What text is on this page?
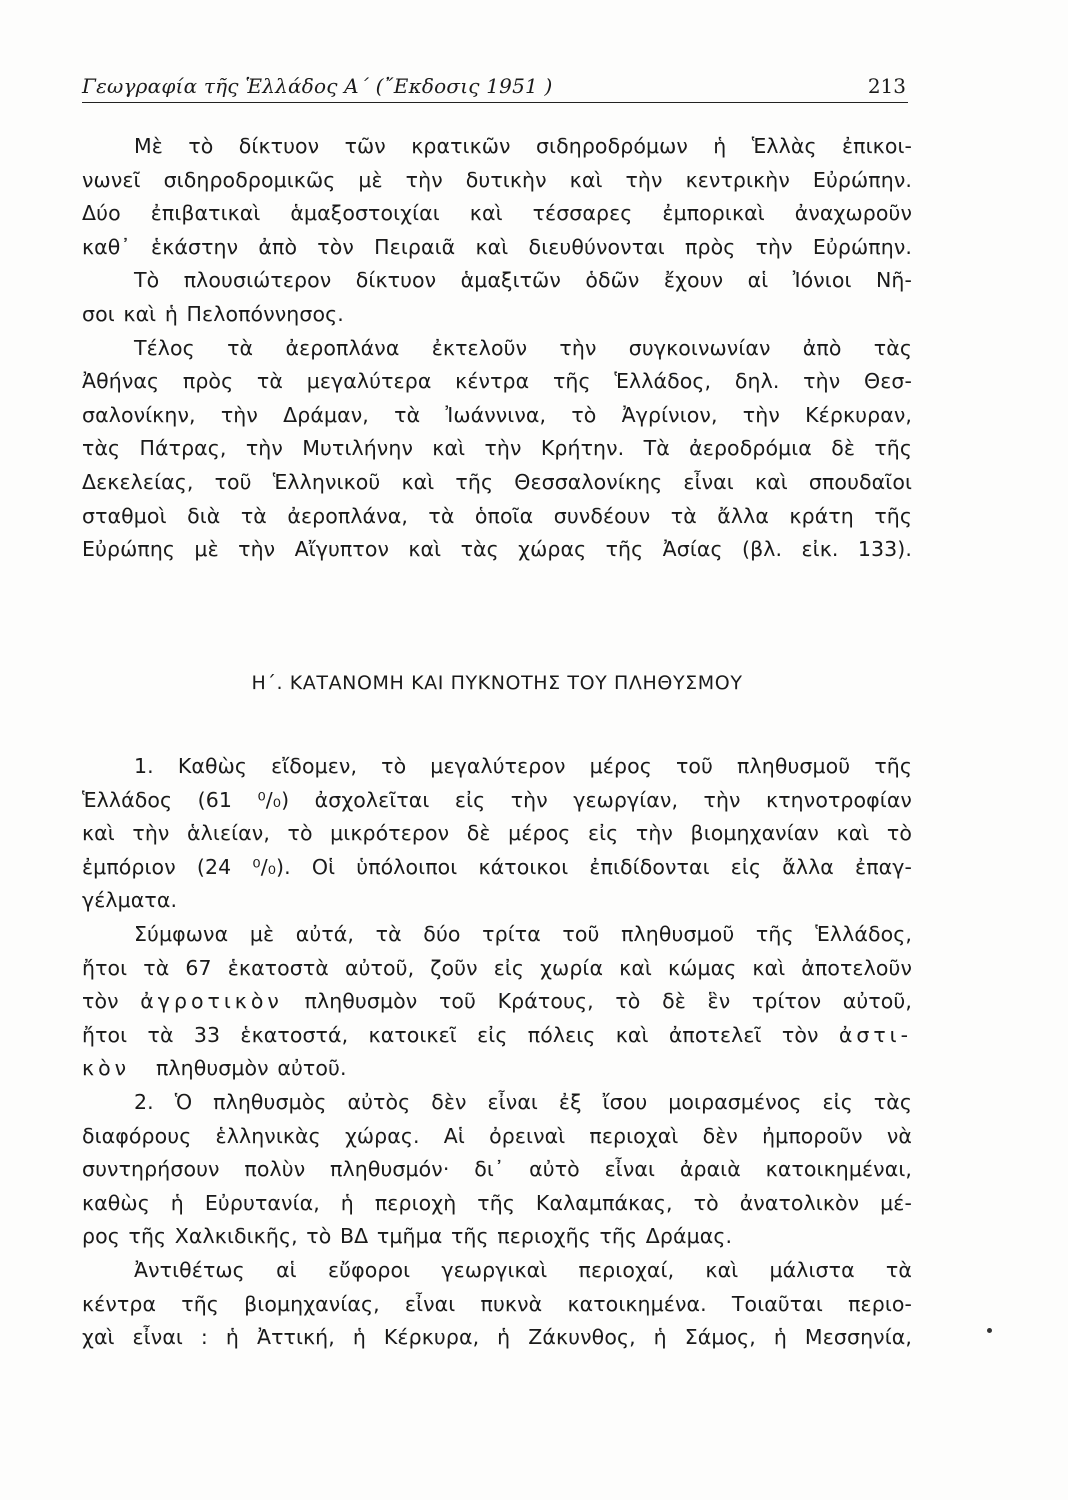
Γεωγραφία τῆς Ἑλλάδος Α΄ (῎Εκδοσις 1951 )	213
Μὲ τὸ δίκτυον τῶν κρατικῶν σιδηροδρόμων ἡ Ἑλλὰς ἐπικοι-
νωνεῖ σιδηροδρομικῶς μὲ τὴν δυτικὴν καὶ τὴν κεντρικὴν Εὐρώπην.
Δύο ἐπιβατικαὶ ἁμαξοστοιχίαι καὶ τέσσαρες ἐμπορικαὶ ἀναχωροῦν
καθ᾽ ἑκάστην ἀπὸ τὸν Πειραιᾶ καὶ διευθύνονται πρὸς τὴν Εὐρώπην.
Τὸ πλουσιώτερον δίκτυον ἁμαξιτῶν ὁδῶν ἔχουν αἱ Ἰόνιοι Νῆ-
σοι καὶ ἡ Πελοπόννησος.
Τέλος τὰ ἀεροπλάνα ἐκτελοῦν τὴν συγκοινωνίαν ἀπὸ τὰς
Ἀθήνας πρὸς τὰ μεγαλύτερα κέντρα τῆς Ἑλλάδος, δηλ. τὴν Θεσ-
σαλονίκην, τὴν Δράμαν, τὰ Ἰωάννινα, τὸ Ἀγρίνιον, τὴν Κέρκυραν,
τὰς Πάτρας, τὴν Μυτιλήνην καὶ τὴν Κρήτην. Τὰ ἀεροδρόμια δὲ τῆς
Δεκελείας, τοῦ Ἑλληνικοῦ καὶ τῆς Θεσσαλονίκης εἶναι καὶ σπουδαῖοι
σταθμοὶ διὰ τὰ ἀεροπλάνα, τὰ ὁποῖα συνδέουν τὰ ἄλλα κράτη τῆς
Εὐρώπης μὲ τὴν Αἴγυπτον καὶ τὰς χώρας τῆς Ἀσίας (βλ. εἰκ. 133).
Η΄. ΚΑΤΑΝΟΜΗ ΚΑΙ ΠΥΚΝΟΤΗΣ ΤΟΥ ΠΛΗΘΥΣΜΟΥ
1. Καθὼς εἴδομεν, τὸ μεγαλύτερον μέρος τοῦ πληθυσμοῦ τῆς
Ἑλλάδος (61 ⁰/₀) ἀσχολεῖται εἰς τὴν γεωργίαν, τὴν κτηνοτροφίαν
καὶ τὴν ἁλιείαν, τὸ μικρότερον δὲ μέρος εἰς τὴν βιομηχανίαν καὶ τὸ
ἐμπόριον (24 ⁰/₀). Οἱ ὑπόλοιποι κάτοικοι ἐπιδίδονται εἰς ἄλλα ἐπαγ-
γέλματα.
Σύμφωνα μὲ αὐτά, τὰ δύο τρίτα τοῦ πληθυσμοῦ τῆς Ἑλλάδος,
ἤτοι τὰ 67 ἑκατοστὰ αὐτοῦ, ζοῦν εἰς χωρία καὶ κώμας καὶ ἀποτελοῦν
τὸν ἀγροτικὸν πληθυσμὸν τοῦ Κράτους, τὸ δὲ ἓν τρίτον αὐτοῦ,
ἤτοι τὰ 33 ἑκατοστά, κατοικεῖ εἰς πόλεις καὶ ἀποτελεῖ τὸν ἀστι-
κὸν πληθυσμὸν αὐτοῦ.
2. Ὁ πληθυσμὸς αὐτὸς δὲν εἶναι ἐξ ἴσου μοιρασμένος εἰς τὰς
διαφόρους ἑλληνικὰς χώρας. Αἱ ὀρειναὶ περιοχαὶ δὲν ἠμποροῦν νὰ
συντηρήσουν πολὺν πληθυσμόν· δι᾽ αὐτὸ εἶναι ἀραιὰ κατοικημέναι,
καθὼς ἡ Εὐρυτανία, ἡ περιοχὴ τῆς Καλαμπάκας, τὸ ἀνατολικὸν μέ-
ρος τῆς Χαλκιδικῆς, τὸ ΒΔ τμῆμα τῆς περιοχῆς τῆς Δράμας.
Ἀντιθέτως αἱ εὔφοροι γεωργικαὶ περιοχαί, καὶ μάλιστα τὰ
κέντρα τῆς βιομηχανίας, εἶναι πυκνὰ κατοικημένα. Τοιαῦται περιο-
χαὶ εἶναι : ἡ Ἀττική, ἡ Κέρκυρα, ἡ Ζάκυνθος, ἡ Σάμος, ἡ Μεσσηνία,
